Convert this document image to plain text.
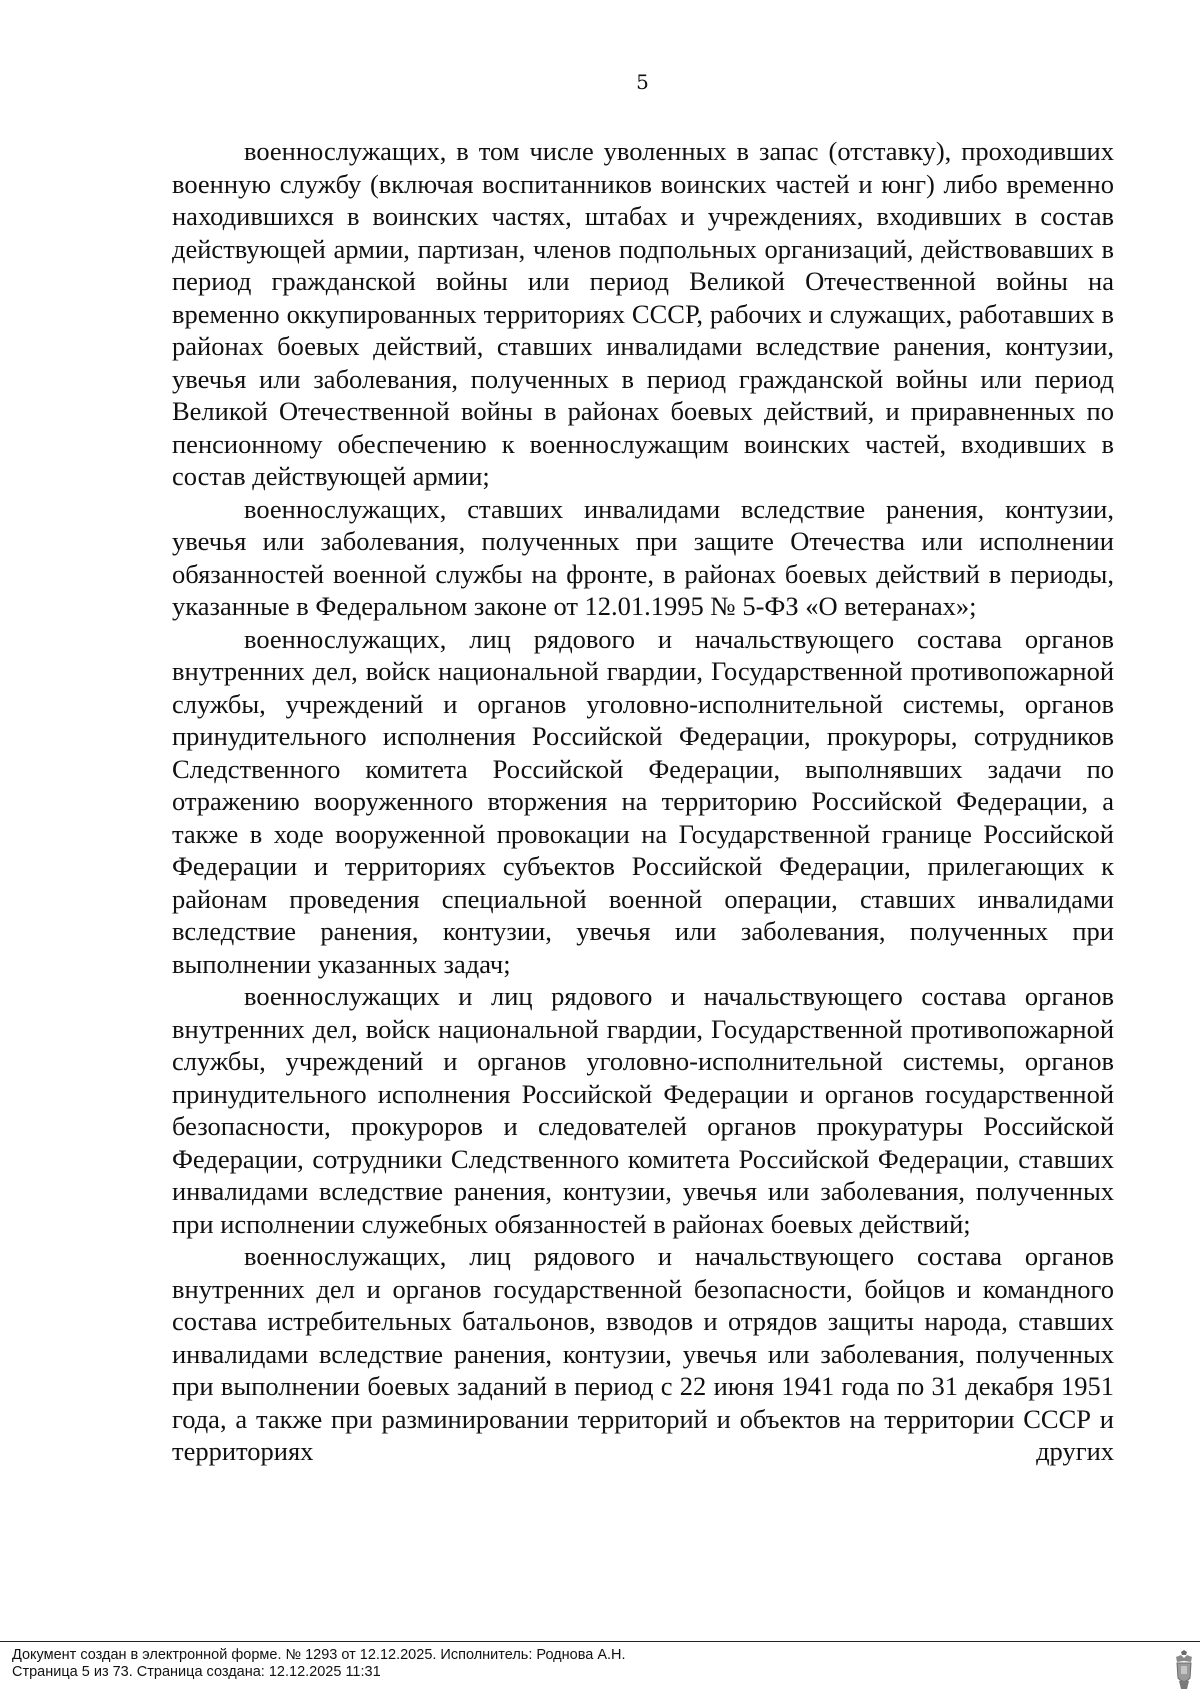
5

военнослужащих, в том числе уволенных в запас (отставку), проходивших военную службу (включая воспитанников воинских частей и юнг) либо временно находившихся в воинских частях, штабах и учреждениях, входивших в состав действующей армии, партизан, членов подпольных организаций, действовавших в период гражданской войны или период Великой Отечественной войны на временно оккупированных территориях СССР, рабочих и служащих, работавших в районах боевых действий, ставших инвалидами вследствие ранения, контузии, увечья или заболевания, полученных в период гражданской войны или период Великой Отечественной войны в районах боевых действий, и приравненных по пенсионному обеспечению к военнослужащим воинских частей, входивших в состав действующей армии;

военнослужащих, ставших инвалидами вследствие ранения, контузии, увечья или заболевания, полученных при защите Отечества или исполнении обязанностей военной службы на фронте, в районах боевых действий в периоды, указанные в Федеральном законе от 12.01.1995 № 5-ФЗ «О ветеранах»;

военнослужащих, лиц рядового и начальствующего состава органов внутренних дел, войск национальной гвардии, Государственной противопожарной службы, учреждений и органов уголовно-исполнительной системы, органов принудительного исполнения Российской Федерации, прокуроры, сотрудников Следственного комитета Российской Федерации, выполнявших задачи по отражению вооруженного вторжения на территорию Российской Федерации, а также в ходе вооруженной провокации на Государственной границе Российской Федерации и территориях субъектов Российской Федерации, прилегающих к районам проведения специальной военной операции, ставших инвалидами вследствие ранения, контузии, увечья или заболевания, полученных при выполнении указанных задач;

военнослужащих и лиц рядового и начальствующего состава органов внутренних дел, войск национальной гвардии, Государственной противопожарной службы, учреждений и органов уголовно-исполнительной системы, органов принудительного исполнения Российской Федерации и органов государственной безопасности, прокуроров и следователей органов прокуратуры Российской Федерации, сотрудники Следственного комитета Российской Федерации, ставших инвалидами вследствие ранения, контузии, увечья или заболевания, полученных при исполнении служебных обязанностей в районах боевых действий;

военнослужащих, лиц рядового и начальствующего состава органов внутренних дел и органов государственной безопасности, бойцов и командного состава истребительных батальонов, взводов и отрядов защиты народа, ставших инвалидами вследствие ранения, контузии, увечья или заболевания, полученных при выполнении боевых заданий в период с 22 июня 1941 года по 31 декабря 1951 года, а также при разминировании территорий и объектов на территории СССР и территориях других

Документ создан в электронной форме. № 1293 от 12.12.2025. Исполнитель: Роднова А.Н.
Страница 5 из 73. Страница создана: 12.12.2025 11:31
